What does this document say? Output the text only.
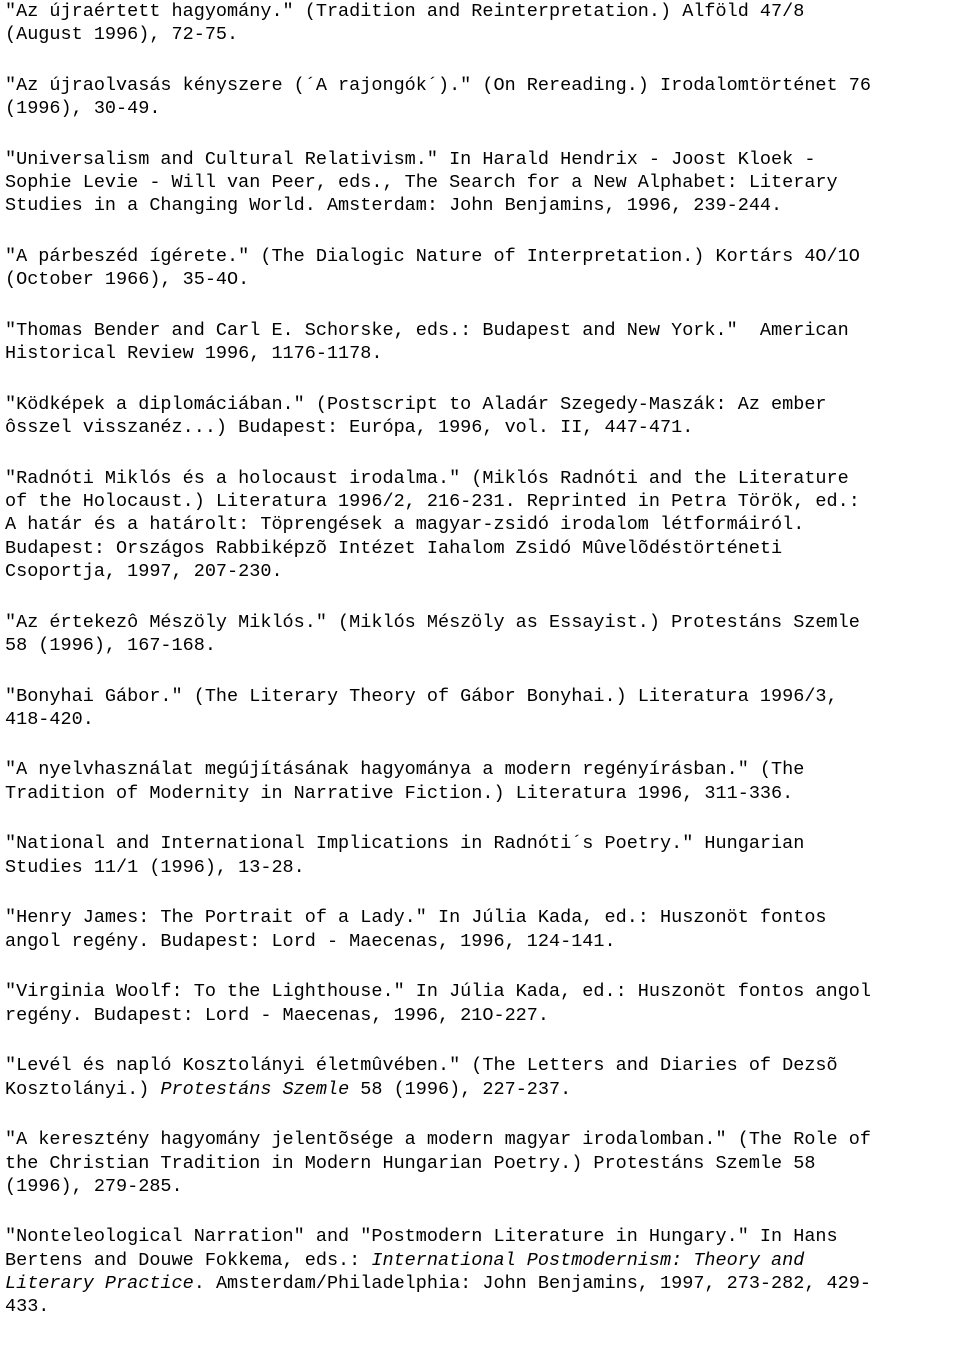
"Az újraértett hagyomány." (Tradition and Reinterpretation.) Alföld 47/8
(August 1996), 72-75.

"Az újraolvasás kényszere (´A rajongók´)." (On Rereading.) Irodalomtörténet 76
(1996), 30-49.

"Universalism and Cultural Relativism." In Harald Hendrix - Joost Kloek -
Sophie Levie - Will van Peer, eds., The Search for a New Alphabet: Literary
Studies in a Changing World. Amsterdam: John Benjamins, 1996, 239-244.

"A párbeszéd ígérete." (The Dialogic Nature of Interpretation.) Kortárs 4O/1O
(October 1966), 35-4O.

"Thomas Bender and Carl E. Schorske, eds.: Budapest and New York."  American
Historical Review 1996, 1176-1178.

"Ködképek a diplomáciában." (Postscript to Aladár Szegedy-Maszák: Az ember
ôsszel visszanéz...) Budapest: Európa, 1996, vol. II, 447-471.

"Radnóti Miklós és a holocaust irodalma." (Miklós Radnóti and the Literature
of the Holocaust.) Literatura 1996/2, 216-231. Reprinted in Petra Török, ed.:
A határ és a határolt: Töprengések a magyar-zsidó irodalom létformáiról.
Budapest: Országos Rabbiképzõ Intézet Iahalom Zsidó Mûvelõdéstörténeti
Csoportja, 1997, 207-230.

"Az értekezô Mészöly Miklós." (Miklós Mészöly as Essayist.) Protestáns Szemle
58 (1996), 167-168.

"Bonyhai Gábor." (The Literary Theory of Gábor Bonyhai.) Literatura 1996/3,
418-420.

"A nyelvhasználat megújításának hagyománya a modern regényírásban." (The
Tradition of Modernity in Narrative Fiction.) Literatura 1996, 311-336.

"National and International Implications in Radnóti´s Poetry." Hungarian
Studies 11/1 (1996), 13-28.

"Henry James: The Portrait of a Lady." In Júlia Kada, ed.: Huszonöt fontos
angol regény. Budapest: Lord - Maecenas, 1996, 124-141.

"Virginia Woolf: To the Lighthouse." In Júlia Kada, ed.: Huszonöt fontos angol
regény. Budapest: Lord - Maecenas, 1996, 21O-227.

"Levél és napló Kosztolányi életmûvében." (The Letters and Diaries of Dezsõ
Kosztolányi.) Protestáns Szemle 58 (1996), 227-237.

"A keresztény hagyomány jelentõsége a modern magyar irodalomban." (The Role of
the Christian Tradition in Modern Hungarian Poetry.) Protestáns Szemle 58
(1996), 279-285.

"Nonteleological Narration" and "Postmodern Literature in Hungary." In Hans
Bertens and Douwe Fokkema, eds.: International Postmodernism: Theory and
Literary Practice. Amsterdam/Philadelphia: John Benjamins, 1997, 273-282, 429-
433.
